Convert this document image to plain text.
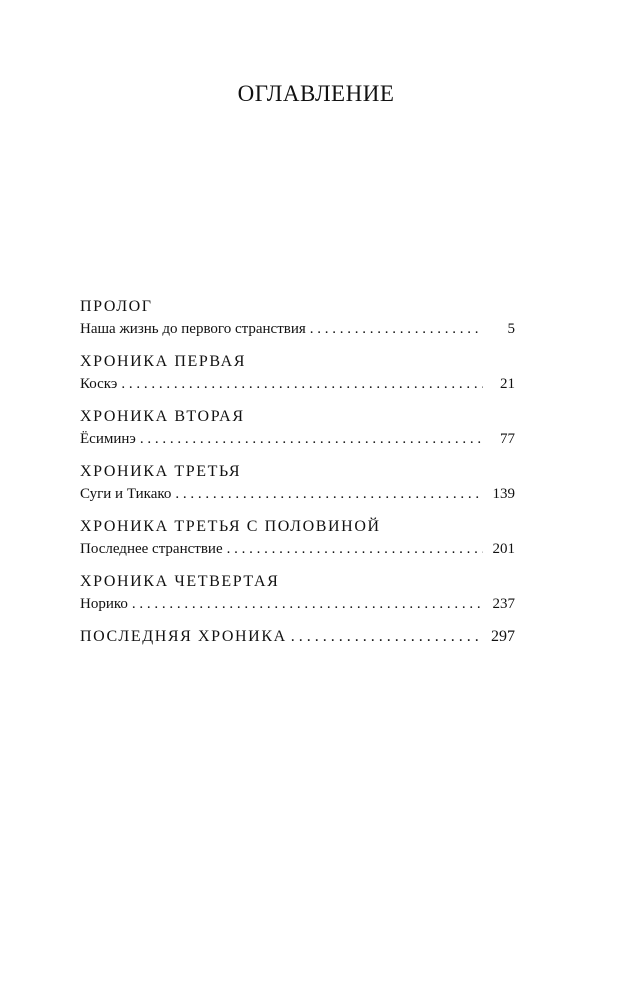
ОГЛАВЛЕНИЕ
ПРОЛОГ
Наша жизнь до первого странствия . . .	5
ХРОНИКА ПЕРВАЯ
Коскэ . . .	21
ХРОНИКА ВТОРАЯ
Ёсиминэ . . .	77
ХРОНИКА ТРЕТЬЯ
Суги и Тикако . . .	139
ХРОНИКА ТРЕТЬЯ С ПОЛОВИНОЙ
Последнее странствие . . .	201
ХРОНИКА ЧЕТВЕРТАЯ
Норико . . .	237
ПОСЛЕДНЯЯ ХРОНИКА . . .	297
